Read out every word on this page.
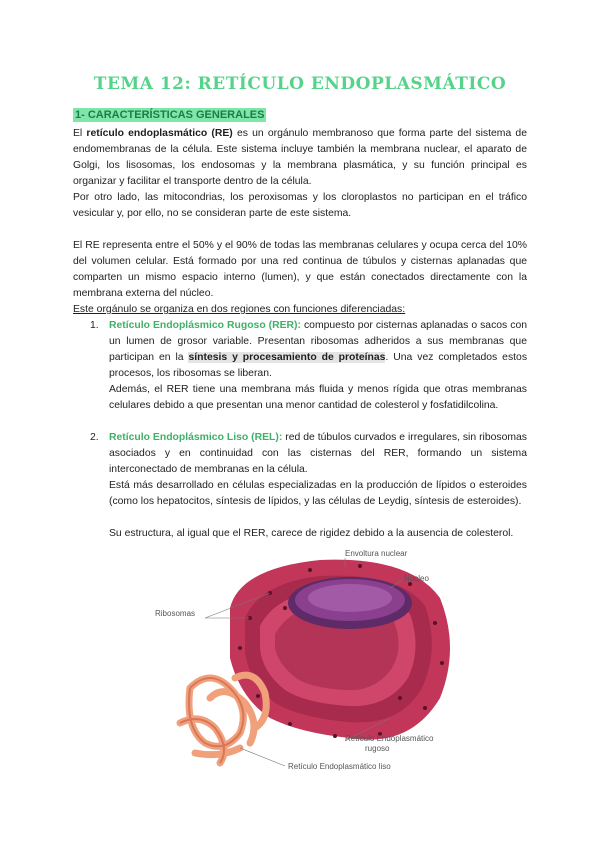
TEMA 12: RETÍCULO ENDOPLASMÁTICO
1- CARACTERÍSTICAS GENERALES

El retículo endoplasmático (RE) es un orgánulo membranoso que forma parte del sistema de endomembranas de la célula. Este sistema incluye también la membrana nuclear, el aparato de Golgi, los lisosomas, los endosomas y la membrana plasmática, y su función principal es organizar y facilitar el transporte dentro de la célula.

Por otro lado, las mitocondrias, los peroxisomas y los cloroplastos no participan en el tráfico vesicular y, por ello, no se consideran parte de este sistema.

El RE representa entre el 50% y el 90% de todas las membranas celulares y ocupa cerca del 10% del volumen celular. Está formado por una red continua de túbulos y cisternas aplanadas que comparten un mismo espacio interno (lumen), y que están conectados directamente con la membrana externa del núcleo.

Este orgánulo se organiza en dos regiones con funciones diferenciadas:

1. Retículo Endoplásmico Rugoso (RER): compuesto por cisternas aplanadas o sacos con un lumen de grosor variable. Presentan ribosomas adheridos a sus membranas que participan en la síntesis y procesamiento de proteínas. Una vez completados estos procesos, los ribosomas se liberan.

Además, el RER tiene una membrana más fluida y menos rígida que otras membranas celulares debido a que presentan una menor cantidad de colesterol y fosfatidilcolina.

2. Retículo Endoplásmico Liso (REL): red de túbulos curvados e irregulares, sin ribosomas asociados y en continuidad con las cisternas del RER, formando un sistema interconectado de membranas en la célula.

Está más desarrollado en células especializadas en la producción de lípidos o esteroides (como los hepatocitos, síntesis de lípidos, y las células de Leydig, síntesis de esteroides).

Su estructura, al igual que el RER, carece de rigidez debido a la ausencia de colesterol.

Envoltura nuclear
Núcleo
Ribosomas
Retículo Endoplasmático
rugoso
Retículo Endoplasmático liso
